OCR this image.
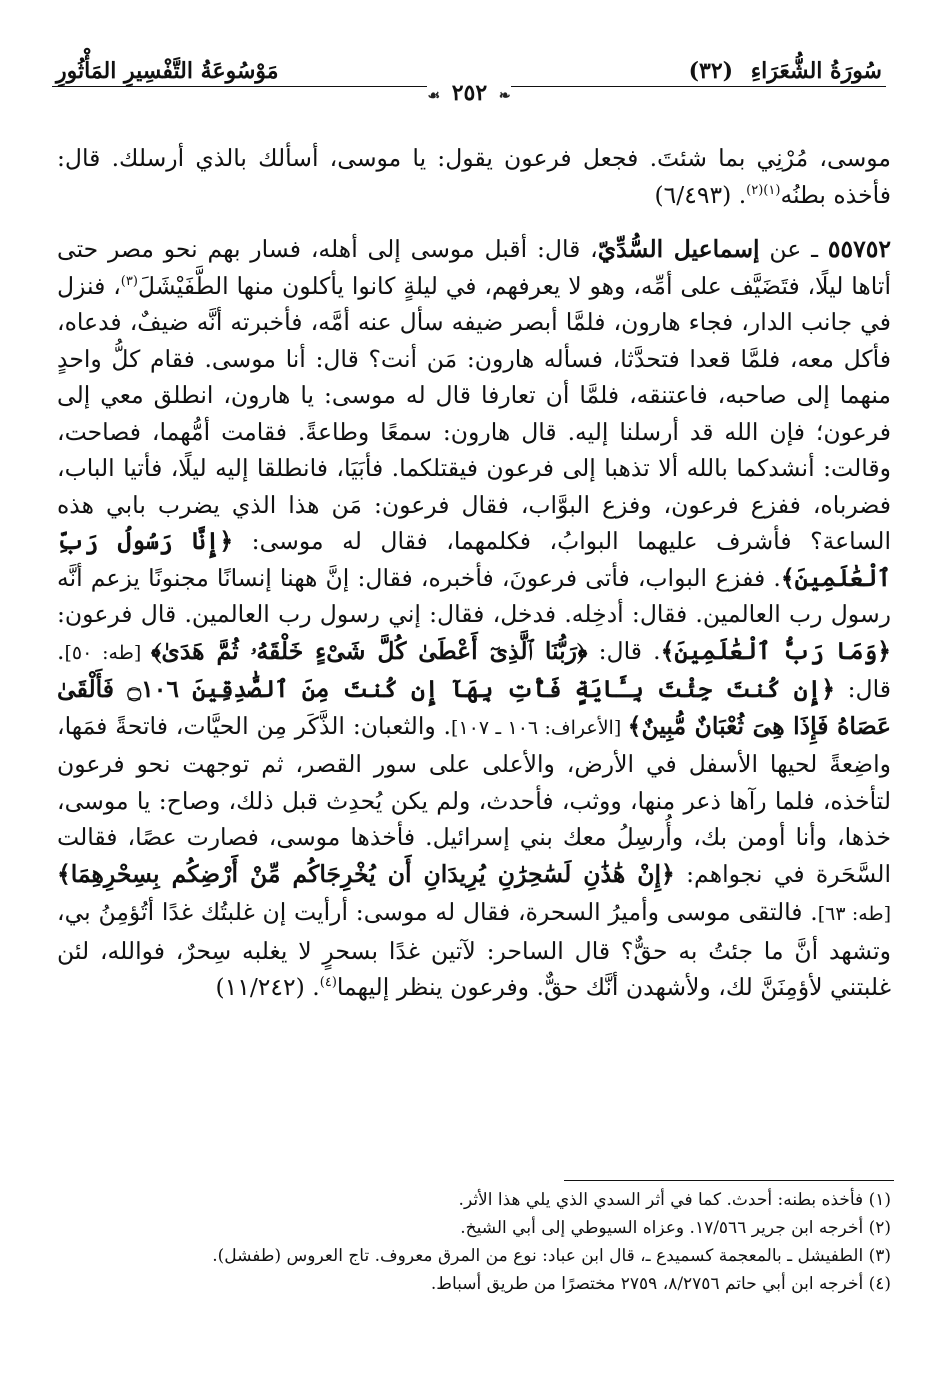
سُورَةُ الشُّعَرَاءِ (٣٢)
مَوْسُوعَةُ التَّفْسِيرِ المَأْثُورِ
❧ ٢٥٢ ☙

موسى، مُرْنِي بما شئتَ. فجعل فرعون يقول: يا موسى، أسألك بالذي أرسلك. قال: فأخذه بطنُه$^{(١)(٢)}$. (٦/٤٩٣)

٥٥٧٥٢ ـ عن إسماعيل السُّدِّيّ، قال: أقبل موسى إلى أهله، فسار بهم نحو مصر حتى أتاها ليلًا، فتَضَيَّف على أمِّه، وهو لا يعرفهم، في ليلةٍ كانوا يأكلون منها الطَّفَيْشَلَ$^{(٣)}$، فنزل في جانب الدار، فجاء هارون، فلمَّا أبصر ضيفه سأل عنه أمَّه، فأخبرته أنَّه ضيفٌ، فدعاه، فأكل معه، فلمَّا قعدا فتحدَّثا، فسأله هارون: مَن أنت؟ قال: أنا موسى. فقام كلُّ واحدٍ منهما إلى صاحبه، فاعتنقه، فلمَّا أن تعارفا قال له موسى: يا هارون، انطلق معي إلى فرعون؛ فإن الله قد أرسلنا إليه. قال هارون: سمعًا وطاعةً. فقامت أمُّهما، فصاحت، وقالت: أنشدكما بالله ألا تذهبا إلى فرعون فيقتلكما. فأبَيَا، فانطلقا إليه ليلًا، فأتيا الباب، فضرباه، ففزع فرعون، وفزع البوَّاب، فقال فرعون: مَن هذا الذي يضرب بابي هذه الساعة؟ فأشرف عليهما البوابُ، فكلمهما، فقال له موسى: ﴿إِنَّا رَسُولُ رَبِّ ٱلْعَٰلَمِينَ﴾. ففزع البواب، فأتى فرعونَ، فأخبره، فقال: إنَّ ههنا إنسانًا مجنونًا يزعم أنَّه رسول رب العالمين. فقال: أدخِله. فدخل، فقال: إني رسول رب العالمين. قال فرعون: ﴿وَمَا رَبُّ ٱلْعَٰلَمِينَ﴾. قال: ﴿رَبُّنَا ٱلَّذِىٓ أَعْطَىٰ كُلَّ شَىْءٍ خَلْقَهُۥ ثُمَّ هَدَىٰ﴾ [طه: ٥٠]. قال: ﴿إِن كُنتَ جِئْتَ بِـَٔايَةٍ فَأْتِ بِهَآ إِن كُنتَ مِنَ ٱلصَّٰدِقِينَ ۝١٠٦ فَأَلْقَىٰ عَصَاهُ فَإِذَا هِىَ ثُعْبَانٌ مُّبِينٌ﴾ [الأعراف: ١٠٦ ـ ١٠٧]. والثعبان: الذَّكَر مِن الحيَّات، فاتحةً فمَها، واضِعةً لحيها الأسفل في الأرض، والأعلى على سور القصر، ثم توجهت نحو فرعون لتأخذه، فلما رآها ذعر منها، ووثب، فأحدث، ولم يكن يُحدِث قبل ذلك، وصاح: يا موسى، خذها، وأنا أومن بك، وأُرسِلُ معك بني إسرائيل. فأخذها موسى، فصارت عصًا، فقالت السَّحَرة في نجواهم: ﴿إِنْ هَٰذَٰنِ لَسَٰحِرَٰنِ يُرِيدَانِ أَن يُخْرِجَاكُم مِّنْ أَرْضِكُم بِسِحْرِهِمَا﴾ [طه: ٦٣]. فالتقى موسى وأميرُ السحرة، فقال له موسى: أرأيت إن غلبتُك غدًا أتُؤمِنُ بي، وتشهد أنَّ ما جئتُ به حقٌّ؟ قال الساحر: لآتين غدًا بسحرٍ لا يغلبه سِحرٌ، فوالله، لئن غلبتني لأؤمِنَنَّ لك، ولأشهدن أنَّك حقٌّ. وفرعون ينظر إليهما$^{(٤)}$. (١١/٢٤٢)

(١) فأخذه بطنه: أحدث. كما في أثر السدي الذي يلي هذا الأثر.

(٢) أخرجه ابن جرير ١٧/٥٦٦. وعزاه السيوطي إلى أبي الشيخ.

(٣) الطفيشل ـ بالمعجمة كسميدع ـ، قال ابن عباد: نوع من المرق معروف. تاج العروس (طفشل).

(٤) أخرجه ابن أبي حاتم ٨/٢٧٥٦، ٢٧٥٩ مختصرًا من طريق أسباط.
